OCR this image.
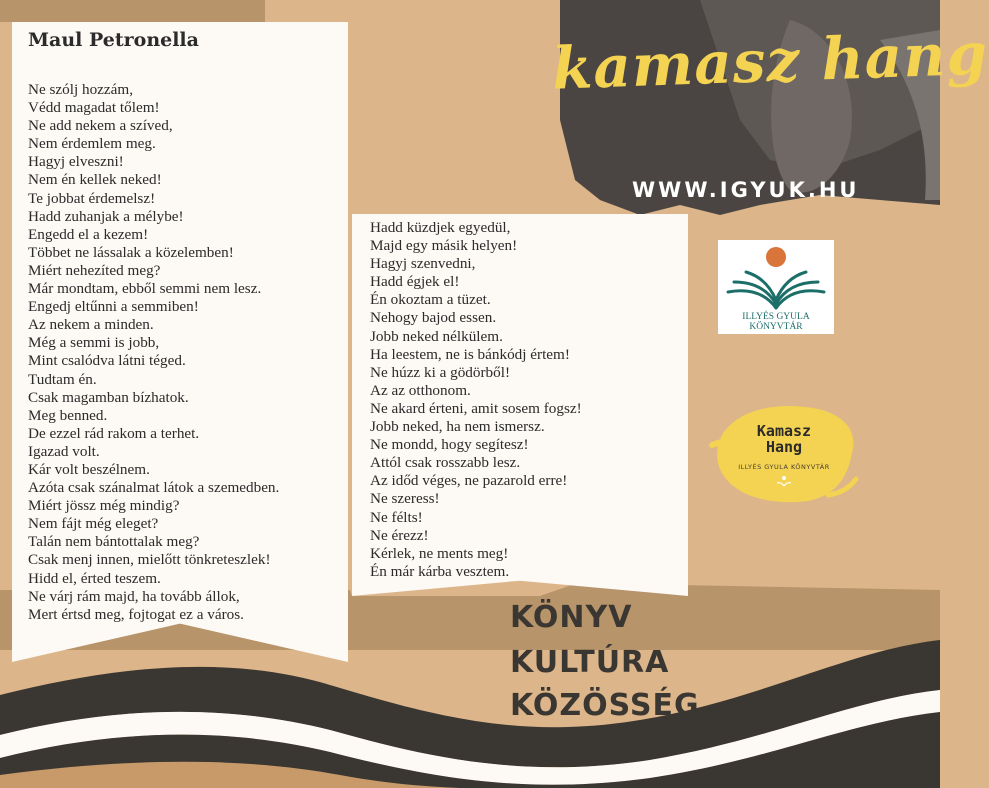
kamasz hang
WWW.IGYUK.HU
Maul Petronella
Ne szólj hozzám,
Védd magadat tőlem!
Ne add nekem a szíved,
Nem érdemlem meg.
Hagyj elveszni!
Nem én kellek neked!
Te jobbat érdemelsz!
Hadd zuhanjak a mélybe!
Engedd el a kezem!
Többet ne lássalak a közelemben!
Miért nehezíted meg?
Már mondtam, ebből semmi nem lesz.
Engedj eltűnni a semmiben!
Az nekem a minden.
Még a semmi is jobb,
Mint csalódva látni téged.
Tudtam én.
Csak magamban bízhatok.
Meg benned.
De ezzel rád rakom a terhet.
Igazad volt.
Kár volt beszélnem.
Azóta csak szánalmat látok a szemedben.
Miért jössz még mindig?
Nem fájt még eleget?
Talán nem bántottalak meg?
Csak menj innen, mielőtt tönkreteszlek!
Hidd el, érted teszem.
Ne várj rám majd, ha tovább állok,
Mert értsd meg, fojtogat ez a város.
Hadd küzdjek egyedül,
Majd egy másik helyen!
Hagyj szenvedni,
Hadd égjek el!
Én okoztam a tüzet.
Nehogy bajod essen.
Jobb neked nélkülem.
Ha leestem, ne is bánkódj értem!
Ne húzz ki a gödörből!
Az az otthonom.
Ne akard érteni, amit sosem fogsz!
Jobb neked, ha nem ismersz.
Ne mondd, hogy segítesz!
Attól csak rosszabb lesz.
Az időd véges, ne pazarold erre!
Ne szeress!
Ne félts!
Ne érezz!
Kérlek, ne ments meg!
Én már kárba vesztem.
ILLYÉS GYULA
KÖNYVTÁR
Kamasz
Hang
ILLYÉS GYULA KÖNYVTÁR
KÖNYV
KULTÚRA
KÖZÖSSÉG
